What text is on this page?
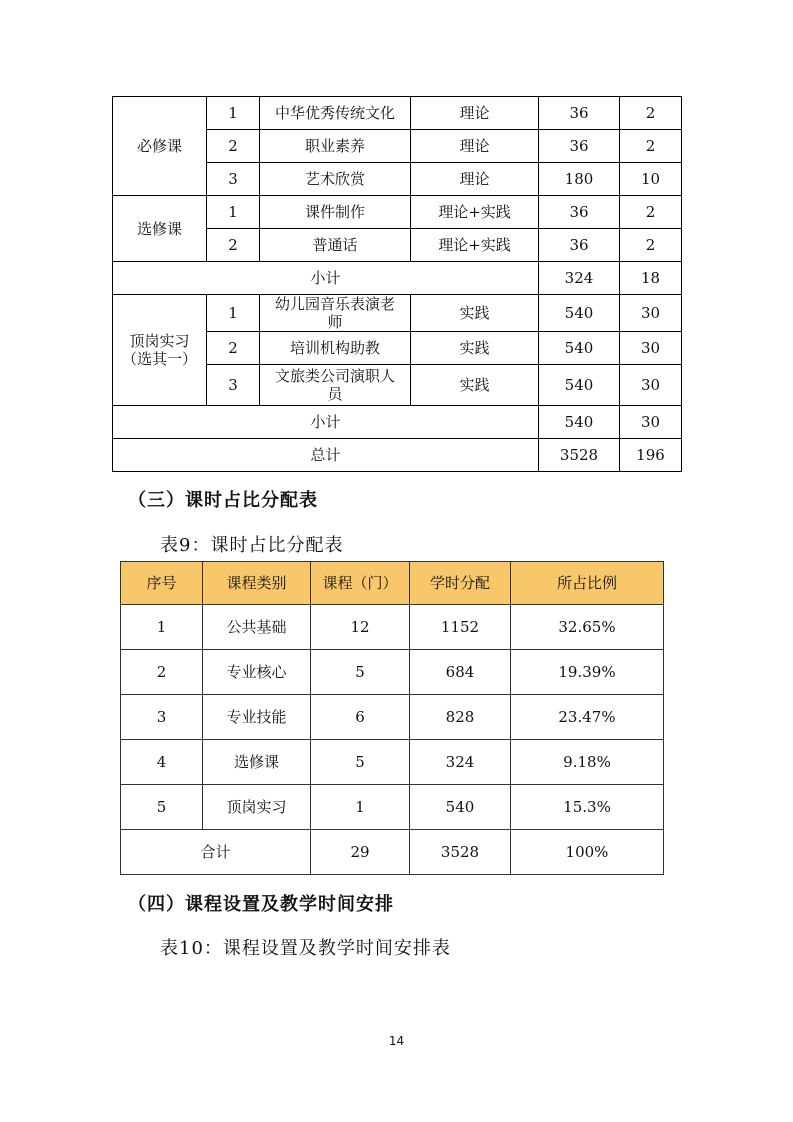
必修课	1	中华优秀传统文化	理论	36	2
	2	职业素养	理论	36	2
	3	艺术欣赏	理论	180	10
选修课	1	课件制作	理论+实践	36	2
	2	普通话	理论+实践	36	2
小计				324	18

顶岗实习
（选其一）	1	幼儿园音乐表演老师	实践	540	30
	2	培训机构助教	实践	540	30
	3	文旅类公司演职人员	实践	540	30
小计				540	30
总计				3528	196
（三）课时占比分配表
表9：课时占比分配表
序号	课程类别	课程（门）	学时分配	所占比例
1	公共基础	12	1152	32.65%
2	专业核心	5	684	19.39%
3	专业技能	6	828	23.47%
4	选修课	5	324	9.18%
5	顶岗实习	1	540	15.3%
合计		29	3528	100%
（四）课程设置及教学时间安排
表10：课程设置及教学时间安排表
14
